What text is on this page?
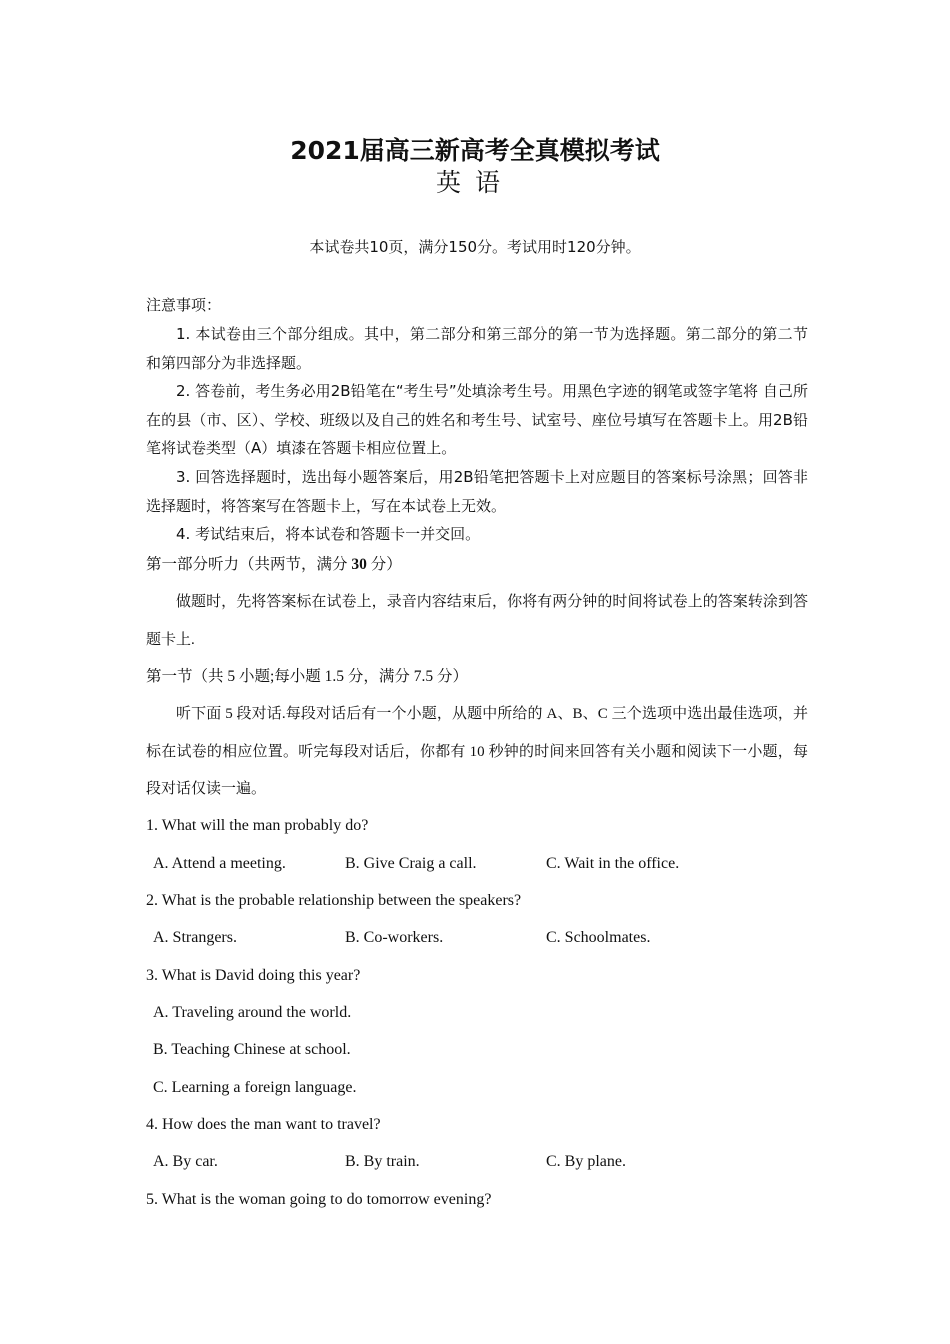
2021届高三新高考全真模拟考试
英语
本试卷共10页，满分150分。考试用时120分钟。
注意事项：
1. 本试卷由三个部分组成。其中，第二部分和第三部分的第一节为选择题。第二部分的第二节和第四部分为非选择题。
2. 答卷前，考生务必用2B铅笔在“考生号”处填涂考生号。用黑色字迹的钢笔或签字笔将 自己所在的县（市、区）、学校、班级以及自己的姓名和考生号、试室号、座位号填写在答题卡上。用2B铅笔将试卷类型（A）填漆在答题卡相应位置上。
3. 回答选择题时，选出每小题答案后，用2B铅笔把答题卡上对应题目的答案标号涂黑；回答非选择题时，将答案写在答题卡上，写在本试卷上无效。
4. 考试结束后，将本试卷和答题卡一并交回。
第一部分听力（共两节，满分 30 分）
做题时，先将答案标在试卷上，录音内容结束后，你将有两分钟的时间将试卷上的答案转涂到答题卡上.
第一节（共 5 小题;每小题 1.5 分，满分 7.5 分）
听下面 5 段对话.每段对话后有一个小题，从题中所给的 A、B、C 三个选项中选出最佳选项，并标在试卷的相应位置。听完每段对话后，你都有 10 秒钟的时间来回答有关小题和阅读下一小题，每段对话仅读一遍。
1. What will the man probably do?
A. Attend a meeting.	B. Give Craig a call.	C. Wait in the office.
2. What is the probable relationship between the speakers?
A. Strangers.	B. Co-workers.	C. Schoolmates.
3. What is David doing this year?
A. Traveling around the world.
B. Teaching Chinese at school.
C. Learning a foreign language.
4. How does the man want to travel?
A. By car.	B. By train.	C. By plane.
5. What is the woman going to do tomorrow evening?
